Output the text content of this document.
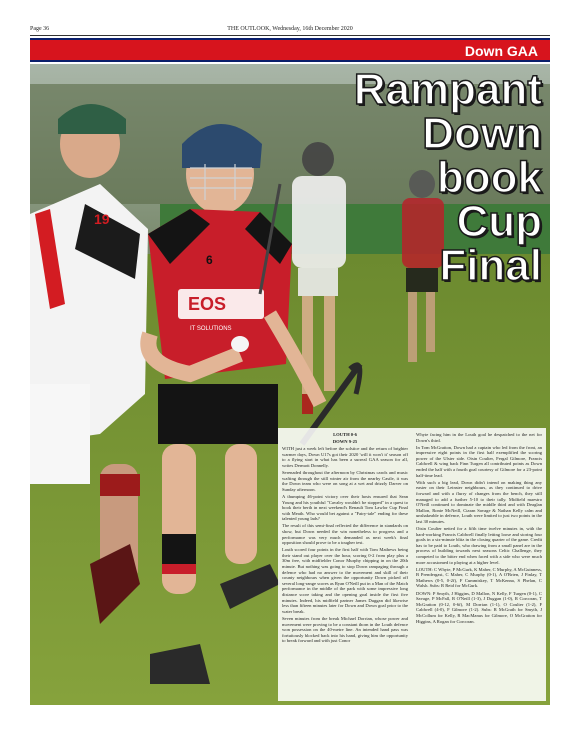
Page 36	THE OUTLOOK, Wednesday, 16th December 2020
Down GAA
19
EOS
IT SOLUTIONS
6
Rampant
Down
book
Cup
Final

LOUTH 0-6

DOWN 9-25

WITH just a week left before the solstice and the return of brighter warmer days, Down U17s got their 2020 'will it won't it' season off to a flying start in what has been a surreal GAA season for all, writes Dermott Donnelly.

Serenaded throughout the afternoon by Christmas carols and music wafting through the still winter air from the nearby Castle, it was the Down team who were on song at a wet and drizzly Darver on Sunday afternoon.

A thumping 46-point victory over their hosts ensured that Sean Young and his youthful "Cavalry wouldn't be stopped" in a quest to book their berth in next weekend's Renault Tom Lawlor Cup Final with Meath. Who would bet against a "Fairy-tale" ending for these talented young lads?

The result of this semi-final reflected the difference in standards on show, but Down needed the win nonetheless to progress and a performance was very much demanded as next week's final opposition should prove to be a tougher test.

Louth scored four points in the first half with Tom Mathews being their stand out player over the hour, scoring 0-2 from play plus a 30m free, with midfielder Conor Murphy chipping in on the 20th minute. But nothing was going to stop Down rampaging through a defence who had no answer to the movement and skill of their county neighbours when given the opportunity Down picked off several long-range scores as Ryan O'Neill put in a Man of the Match performance in the middle of the park with some impressive long distance score taking and the opening goal inside the first five minutes. Indeed, his midfield partner James Duggan did likewise less than fifteen minutes later for Down and Down goal prior to the water break.

Seven minutes from the break Michael Dorrian, whose power and movement were proving to be a constant thorn in the Louth defence won possession on the 40-metre line. An intended hand pass was fortuitously blocked back into his hand, giving him the opportunity to break forward and with just Conor

Whyte facing him in the Louth goal he despatched to the net for Down's third.

In Tom McGratton, Down had a captain who led from the front, an impressive eight points in the first half exemplified the scoring power of the Ulster side. Oisin Coulter, Fergal Gilmore, Francis Caldwell & wing back Finn Turgen all contributed points as Down ended the half with a fourth goal courtesy of Gilmore for a 23-point half-time lead.

With such a big lead, Down didn't intend on making thing any easier on their Leinster neighbours, as they continued to drive forward and with a flurry of changes from the bench, they still managed to add a further 5-10 to their tally. Midfield maestro O'Neill continued to dominate the middle third and with Deaglan Mallon, Ronie McNeill, Ciaran Savage & Nathan Kelly calm and unshakeable in defence, Louth were limited to just two points in the last 30 minutes.

Oisin Coulter netted for a fifth time twelve minutes in, with the hard-working Francis Caldwell finally letting loose and storing four goals in a six-minute blitz in the closing quarter of the game. Credit has to be paid to Louth, who drawing from a small panel are in the process of building towards next seasons Celtic Challenge, they competed to the bitter end when faced with a side who were much more accustomed to playing at a higher level.

LOUTH: C Whyte, P McGurk, K Maher, C Murphy, A McGuinness, B Prendergast, C Maher, C Murphy (0-1), A O'Brien, J Finlay, T Mathews (0-5, 0-2f), F Cummiskey, T McKenna, S Phelan, C Walsh. Subs: R Reid for McGurk.

DOWN: P Smyth, J Higgins, D Mallon, N Kelly, F Turgen (0-1), C Savage, P McFall, R O'Neill (1-3), J Duggan (1-0), R Corcoran, T McGratton (0-12, 0-6f), M Dorrian (1-1), O Coulter (1-2), F Caldwell (4-0), F Gilmore (1-2). Subs: R McGrath for Smyth, J McCollum for Kelly, R MacManus for Gilmore, O McGratton for Higgins, A Rogan for Corcoran.
